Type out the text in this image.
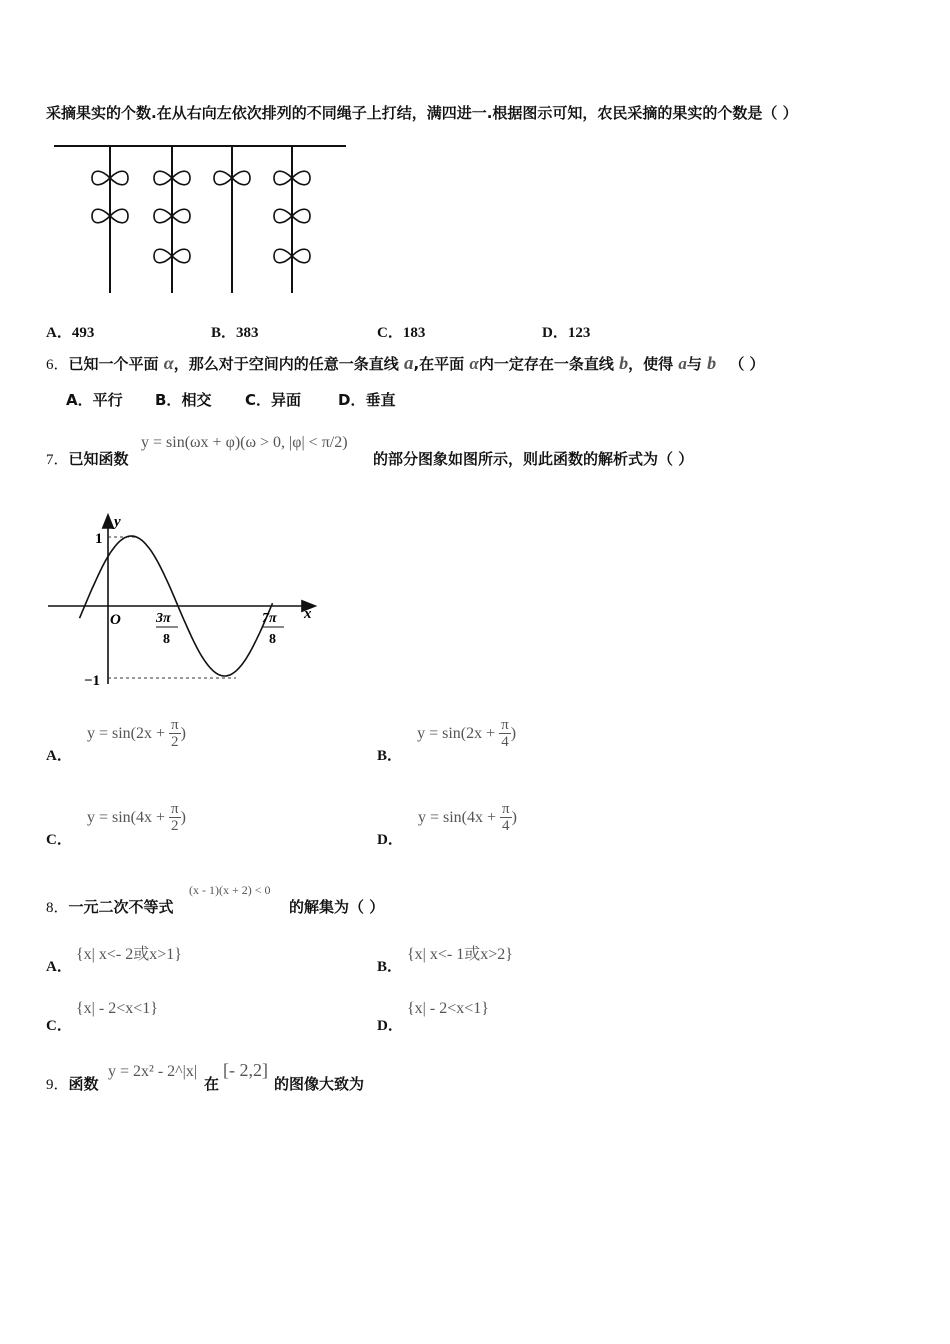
采摘果实的个数.在从右向左依次排列的不同绳子上打结，满四进一.根据图示可知，农民采摘的果实的个数是（ ）
A．493	B．383	C．183	D．123
6．已知一个平面 α，那么对于空间内的任意一条直线 a,在平面 α内一定存在一条直线 b，使得 a与 b （ ）
A．平行 B．相交 C．异面 D．垂直
7．已知函数
y = sin(ωx + φ)(ω > 0, |φ| < π/2)
的部分图象如图所示，则此函数的解析式为（ ）
y
x
O
1
−1
3π
8
7π
8
A． $y = \sin(2x + \frac{\pi}{2}$ )
B． $y = \sin(2x + \frac{\pi}{4}$ )
C． $y = \sin(4x + \frac{\pi}{2}$ )
D． $y = \sin(4x + \frac{\pi}{4}$ )
8．一元二次不等式
(x - 1)(x + 2) < 0
的解集为（ ）
A．
{x| x<- 2或x>1}
B．
{x| x<- 1或x>2}
C．
{x| - 2<x<1}
D．
{x| - 2<x<1}
9．函数
y = 2x² - 2^|x|
在
[- 2,2]
的图像大致为
